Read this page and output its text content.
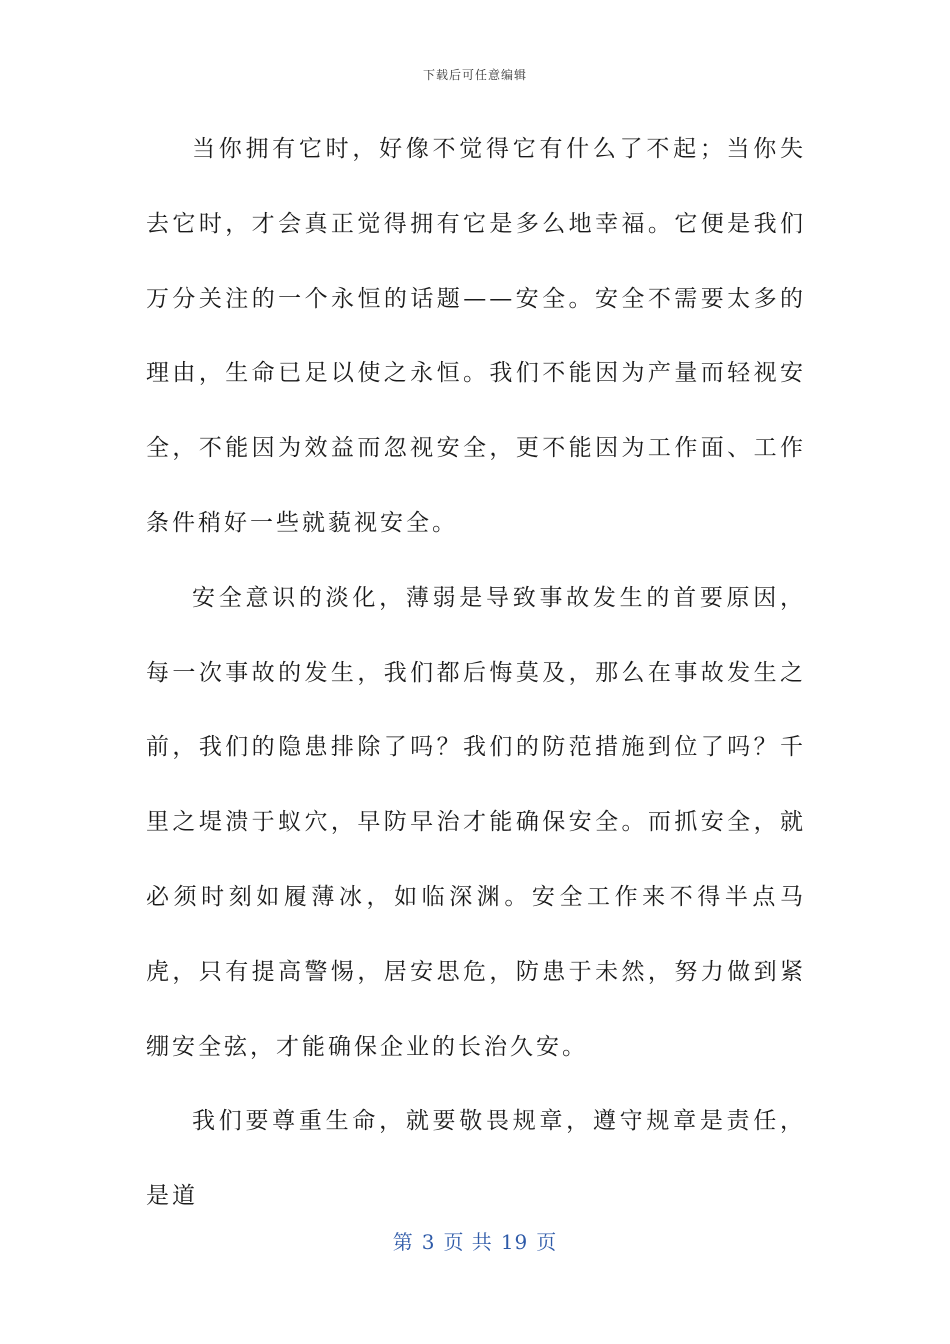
下载后可任意编辑

当你拥有它时，好像不觉得它有什么了不起；当你失去它时，才会真正觉得拥有它是多么地幸福。它便是我们万分关注的一个永恒的话题——安全。安全不需要太多的理由，生命已足以使之永恒。我们不能因为产量而轻视安全，不能因为效益而忽视安全，更不能因为工作面、工作条件稍好一些就藐视安全。

安全意识的淡化，薄弱是导致事故发生的首要原因，每一次事故的发生，我们都后悔莫及，那么在事故发生之前，我们的隐患排除了吗？我们的防范措施到位了吗？千里之堤溃于蚁穴，早防早治才能确保安全。而抓安全，就必须时刻如履薄冰，如临深渊。安全工作来不得半点马虎，只有提高警惕，居安思危，防患于未然，努力做到紧绷安全弦，才能确保企业的长治久安。

我们要尊重生命，就要敬畏规章，遵守规章是责任，是道

第 3 页 共 19 页
